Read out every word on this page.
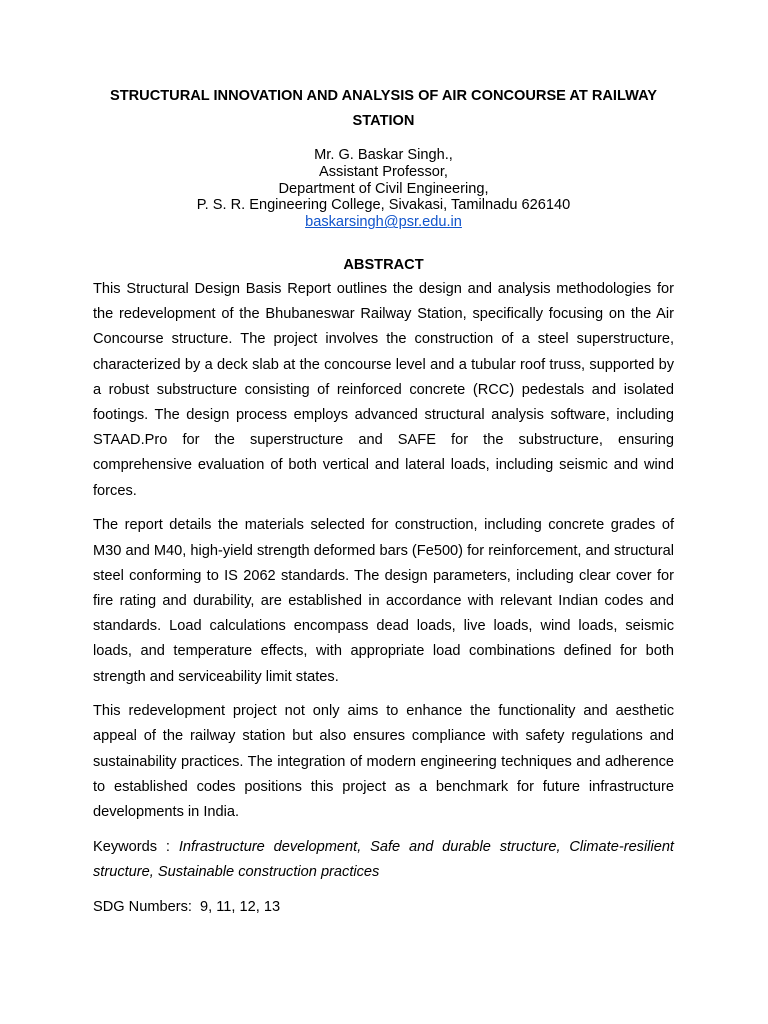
STRUCTURAL INNOVATION AND ANALYSIS OF AIR CONCOURSE AT RAILWAY STATION
Mr. G. Baskar Singh.,
Assistant Professor,
Department of Civil Engineering,
P. S. R. Engineering College, Sivakasi, Tamilnadu 626140
baskarsingh@psr.edu.in
ABSTRACT

This Structural Design Basis Report outlines the design and analysis methodologies for the redevelopment of the Bhubaneswar Railway Station, specifically focusing on the Air Concourse structure. The project involves the construction of a steel superstructure, characterized by a deck slab at the concourse level and a tubular roof truss, supported by a robust substructure consisting of reinforced concrete (RCC) pedestals and isolated footings. The design process employs advanced structural analysis software, including STAAD.Pro for the superstructure and SAFE for the substructure, ensuring comprehensive evaluation of both vertical and lateral loads, including seismic and wind forces.

The report details the materials selected for construction, including concrete grades of M30 and M40, high-yield strength deformed bars (Fe500) for reinforcement, and structural steel conforming to IS 2062 standards. The design parameters, including clear cover for fire rating and durability, are established in accordance with relevant Indian codes and standards. Load calculations encompass dead loads, live loads, wind loads, seismic loads, and temperature effects, with appropriate load combinations defined for both strength and serviceability limit states.

This redevelopment project not only aims to enhance the functionality and aesthetic appeal of the railway station but also ensures compliance with safety regulations and sustainability practices. The integration of modern engineering techniques and adherence to established codes positions this project as a benchmark for future infrastructure developments in India.

Keywords : Infrastructure development, Safe and durable structure, Climate-resilient structure, Sustainable construction practices

SDG Numbers:  9, 11, 12, 13
